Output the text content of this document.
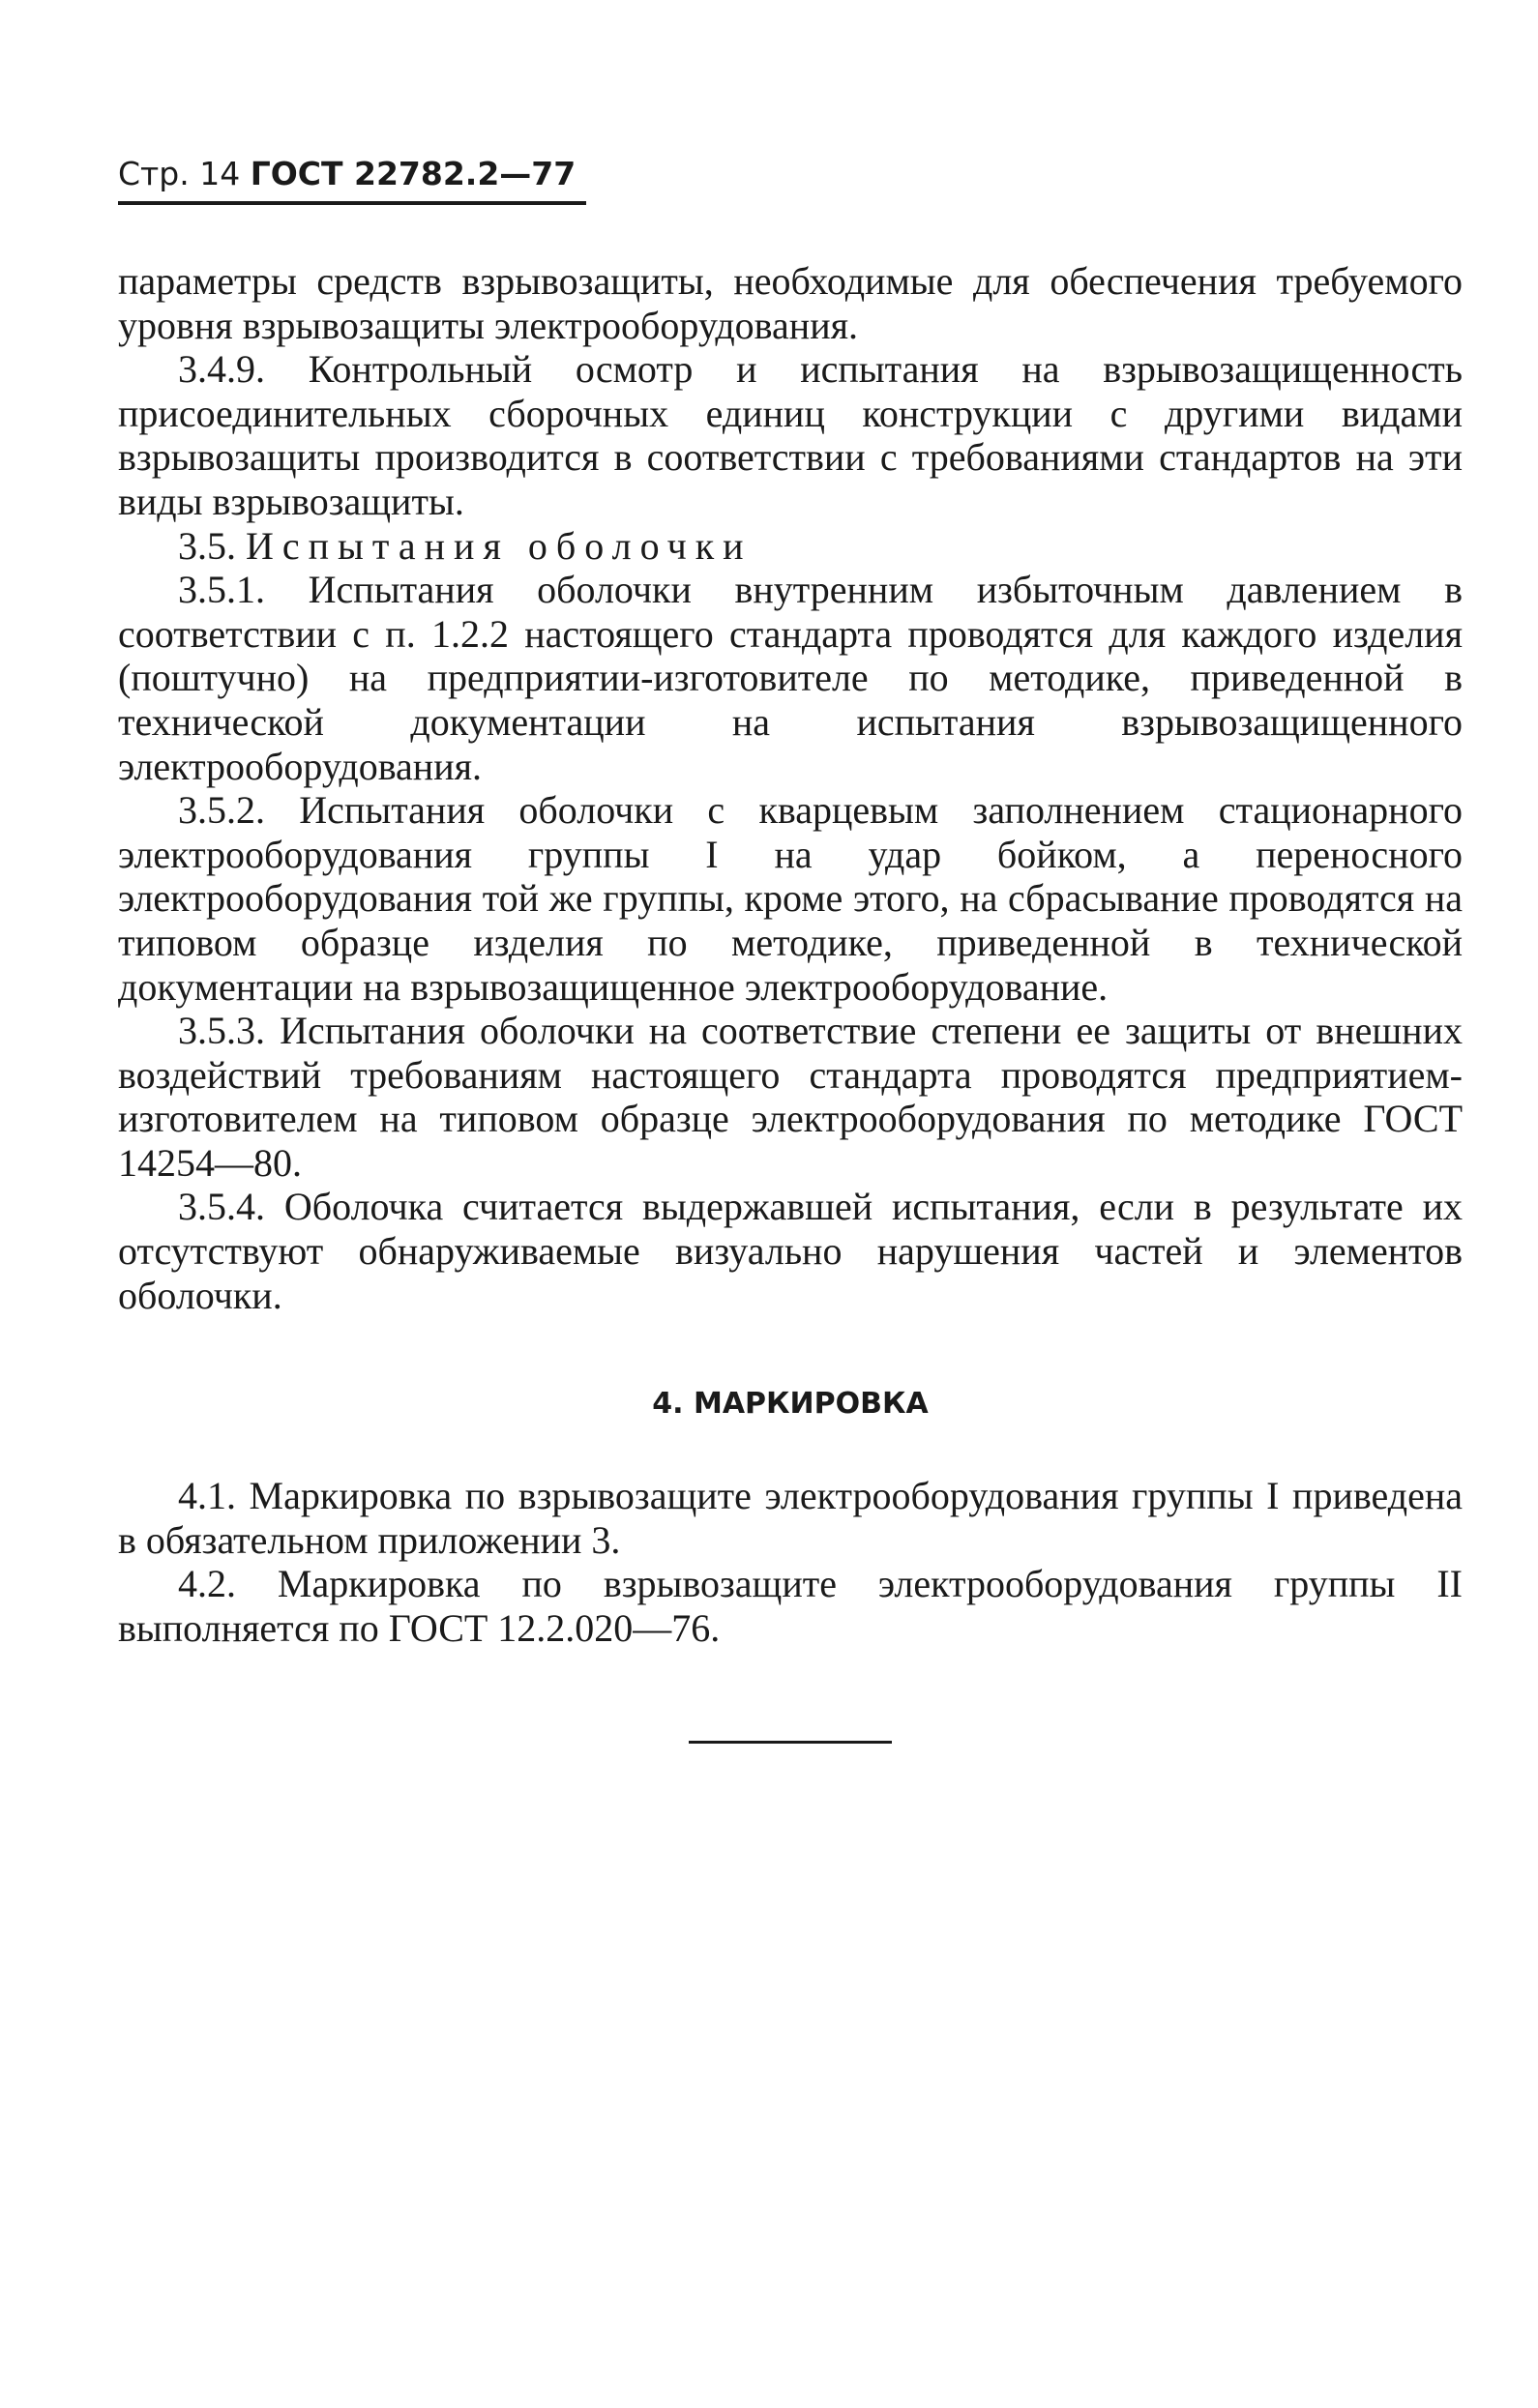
Стр. 14 ГОСТ 22782.2—77

параметры средств взрывозащиты, необходимые для обеспечения требуемого уровня взрывозащиты электрооборудования.

3.4.9. Контрольный осмотр и испытания на взрывозащищенность присоединительных сборочных единиц конструкции с другими видами взрывозащиты производится в соответствии с требованиями стандартов на эти виды взрывозащиты.

3.5. Испытания оболочки

3.5.1. Испытания оболочки внутренним избыточным давлением в соответствии с п. 1.2.2 настоящего стандарта проводятся для каждого изделия (поштучно) на предприятии-изготовителе по методике, приведенной в технической документации на испытания взрывозащищенного электрооборудования.

3.5.2. Испытания оболочки с кварцевым заполнением стационарного электрооборудования группы I на удар бойком, а переносного электрооборудования той же группы, кроме этого, на сбрасывание проводятся на типовом образце изделия по методике, приведенной в технической документации на взрывозащищенное электрооборудование.

3.5.3. Испытания оболочки на соответствие степени ее защиты от внешних воздействий требованиям настоящего стандарта проводятся предприятием-изготовителем на типовом образце электрооборудования по методике ГОСТ 14254—80.

3.5.4. Оболочка считается выдержавшей испытания, если в результате их отсутствуют обнаруживаемые визуально нарушения частей и элементов оболочки.

4. МАРКИРОВКА

4.1. Маркировка по взрывозащите электрооборудования группы I приведена в обязательном приложении 3.

4.2. Маркировка по взрывозащите электрооборудования группы II выполняется по ГОСТ 12.2.020—76.
